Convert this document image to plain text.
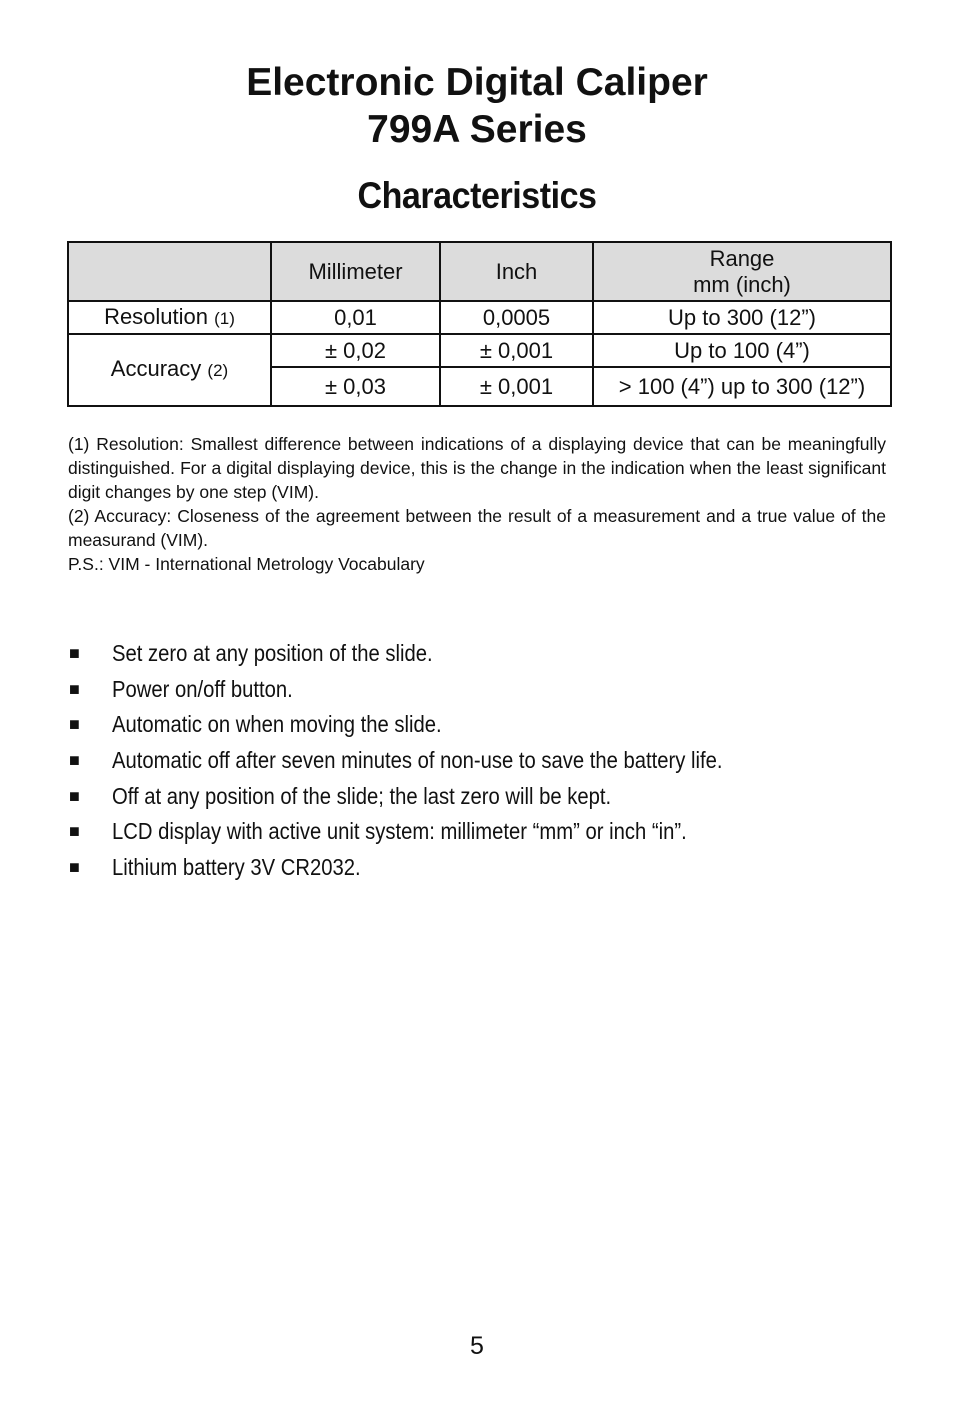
Electronic Digital Caliper
799A Series
Characteristics
	Millimeter	Inch	Range
mm (inch)

Resolution (1)	0,01	0,0005	Up to 300 (12”)
Accuracy (2)	± 0,02	± 0,001	Up to 100 (4”)
	± 0,03	± 0,001	> 100 (4”) up to 300 (12”)

(1) Resolution: Smallest difference between indications of a displaying device that can be meaningfully distinguished. For a digital displaying device, this is the change in the indication when the least significant digit changes by one step (VIM).

(2) Accuracy: Closeness of the agreement between the result of a measurement and a true value of the measurand (VIM).

P.S.: VIM - International Metrology Vocabulary

■ Set zero at any position of the slide.
■ Power on/off button.
■ Automatic on when moving the slide.
■ Automatic off after seven minutes of non-use to save the battery life.
■ Off at any position of the slide; the last zero will be kept.
■ LCD display with active unit system: millimeter “mm” or inch “in”.
■ Lithium battery 3V CR2032.
5
